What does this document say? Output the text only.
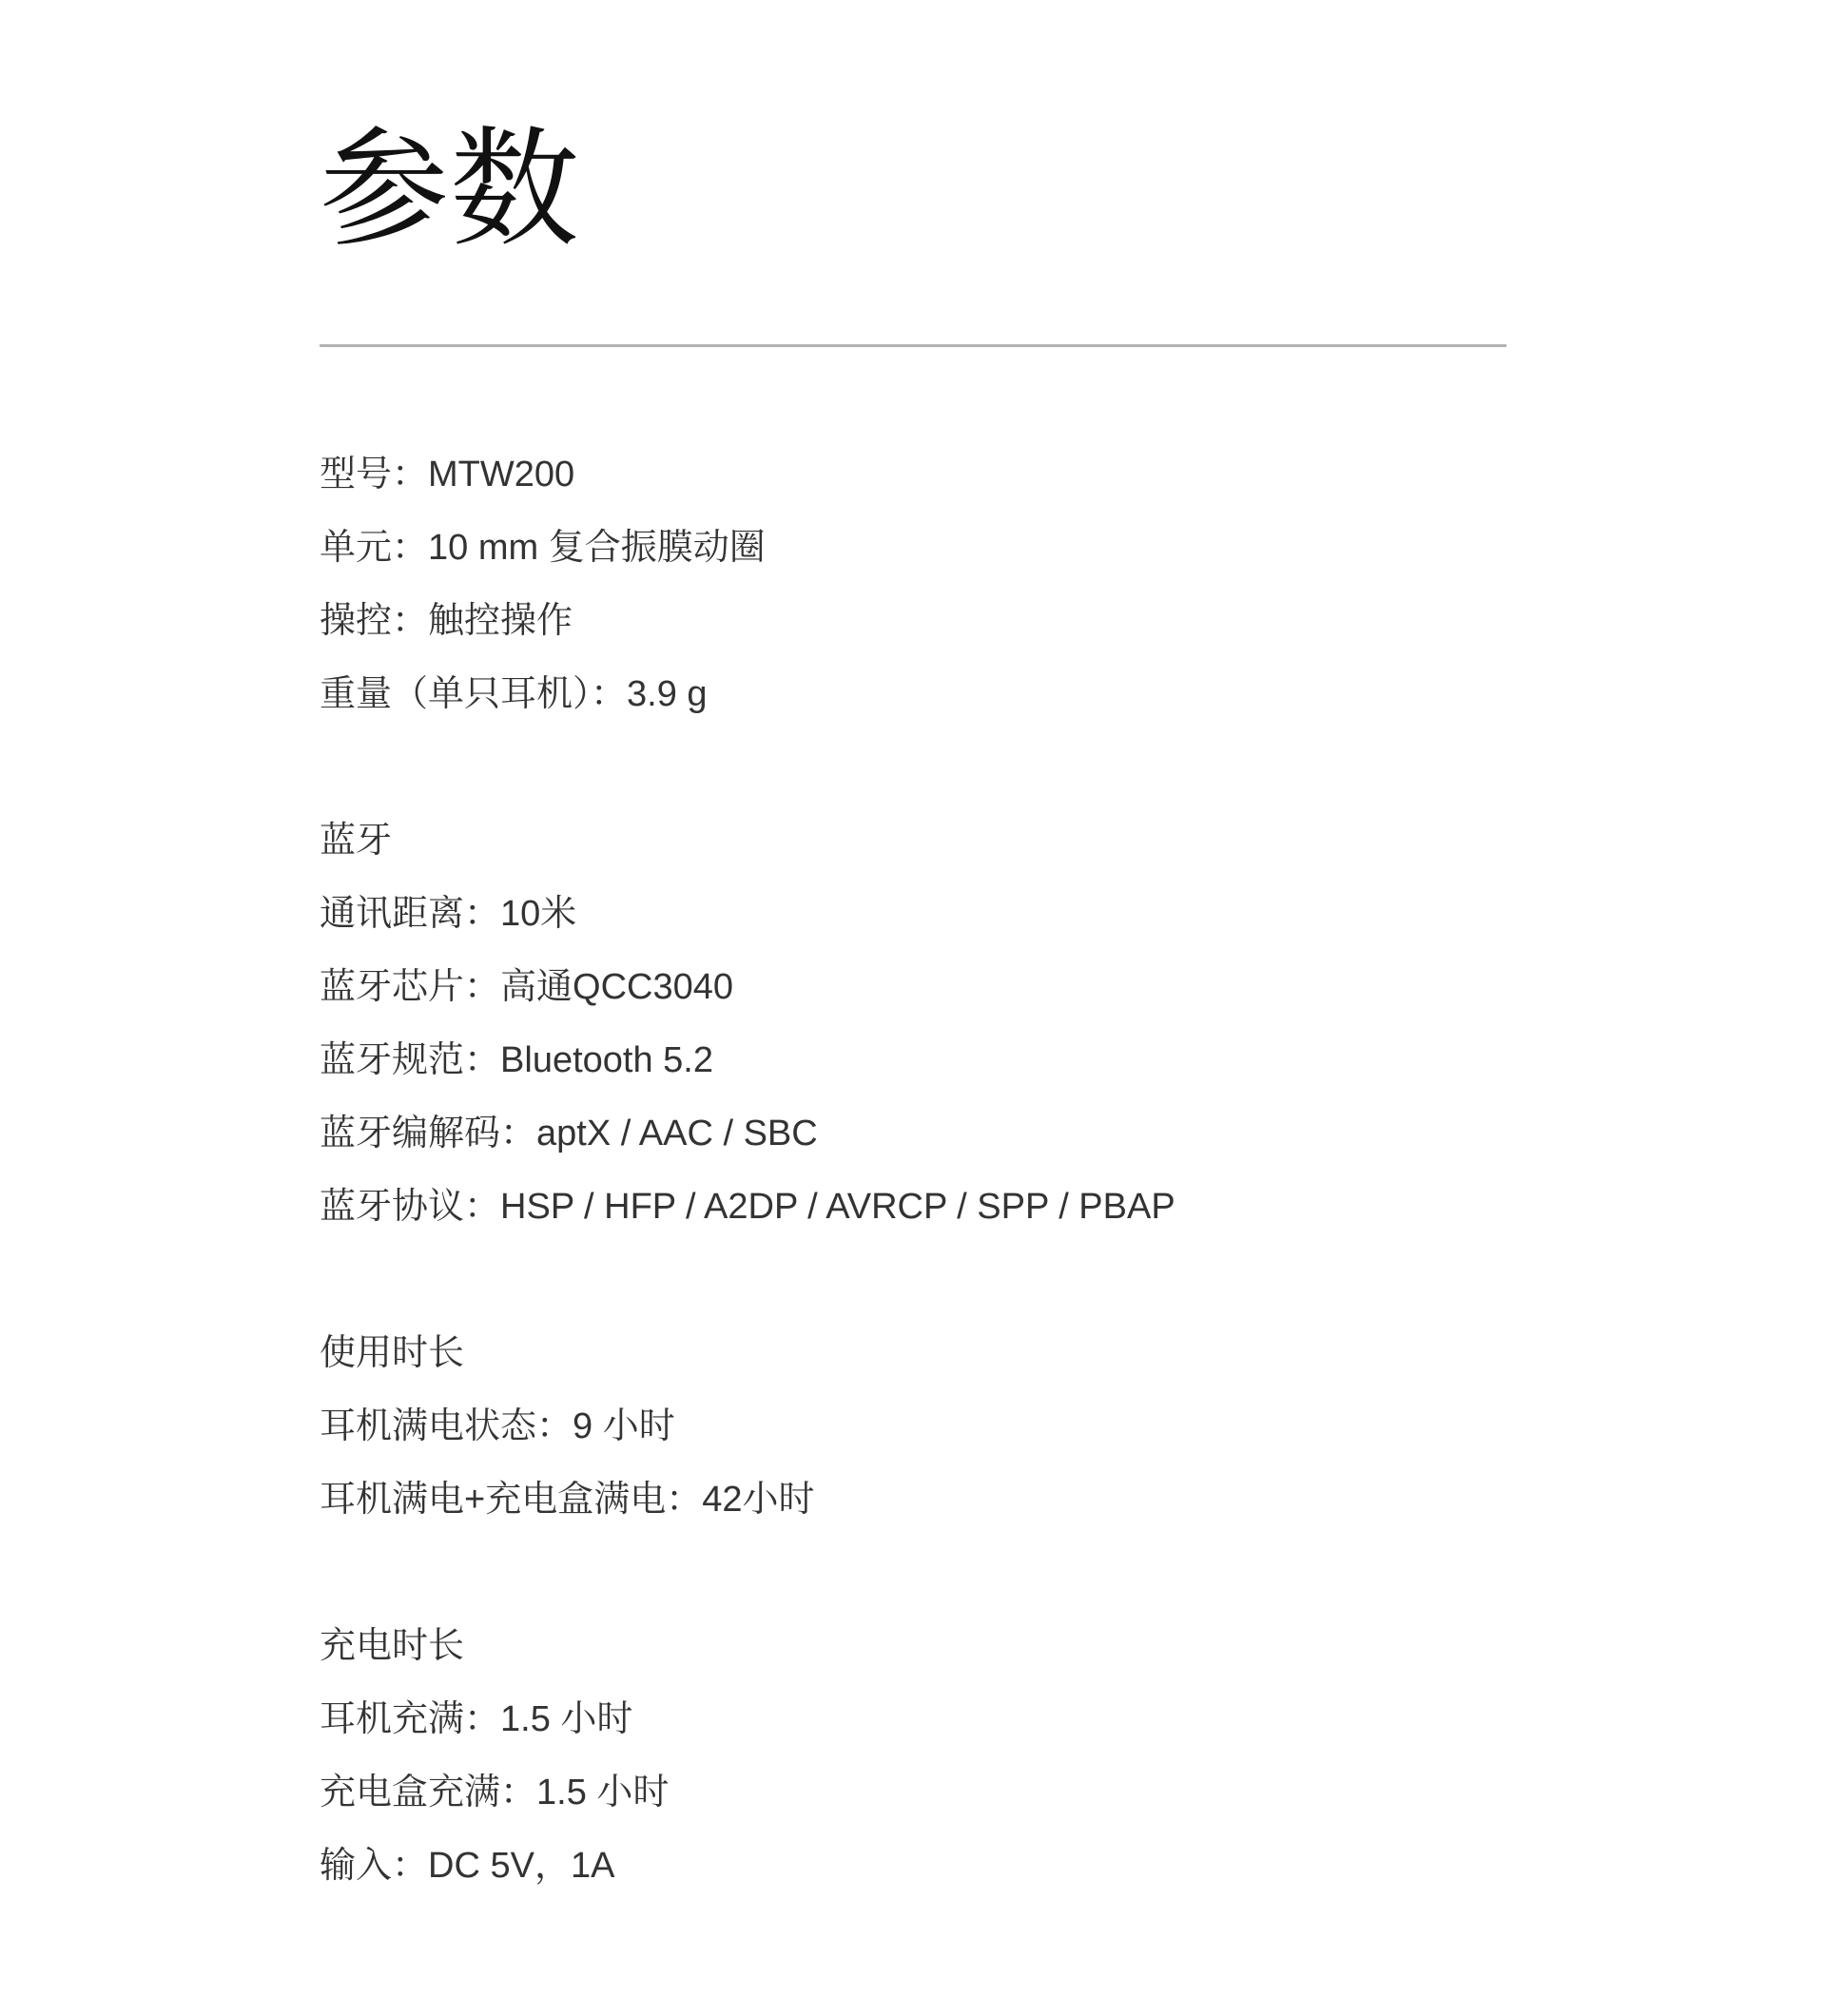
参数
型号：MTW200
单元：10 mm 复合振膜动圈
操控：触控操作
重量（单只耳机）：3.9 g
蓝牙
通讯距离：10米
蓝牙芯片：高通QCC3040
蓝牙规范：Bluetooth 5.2
蓝牙编解码：aptX / AAC / SBC
蓝牙协议：HSP / HFP / A2DP / AVRCP / SPP / PBAP
使用时长
耳机满电状态：9 小时
耳机满电+充电盒满电：42小时
充电时长
耳机充满：1.5 小时
充电盒充满：1.5 小时
输入：DC 5V，1A
